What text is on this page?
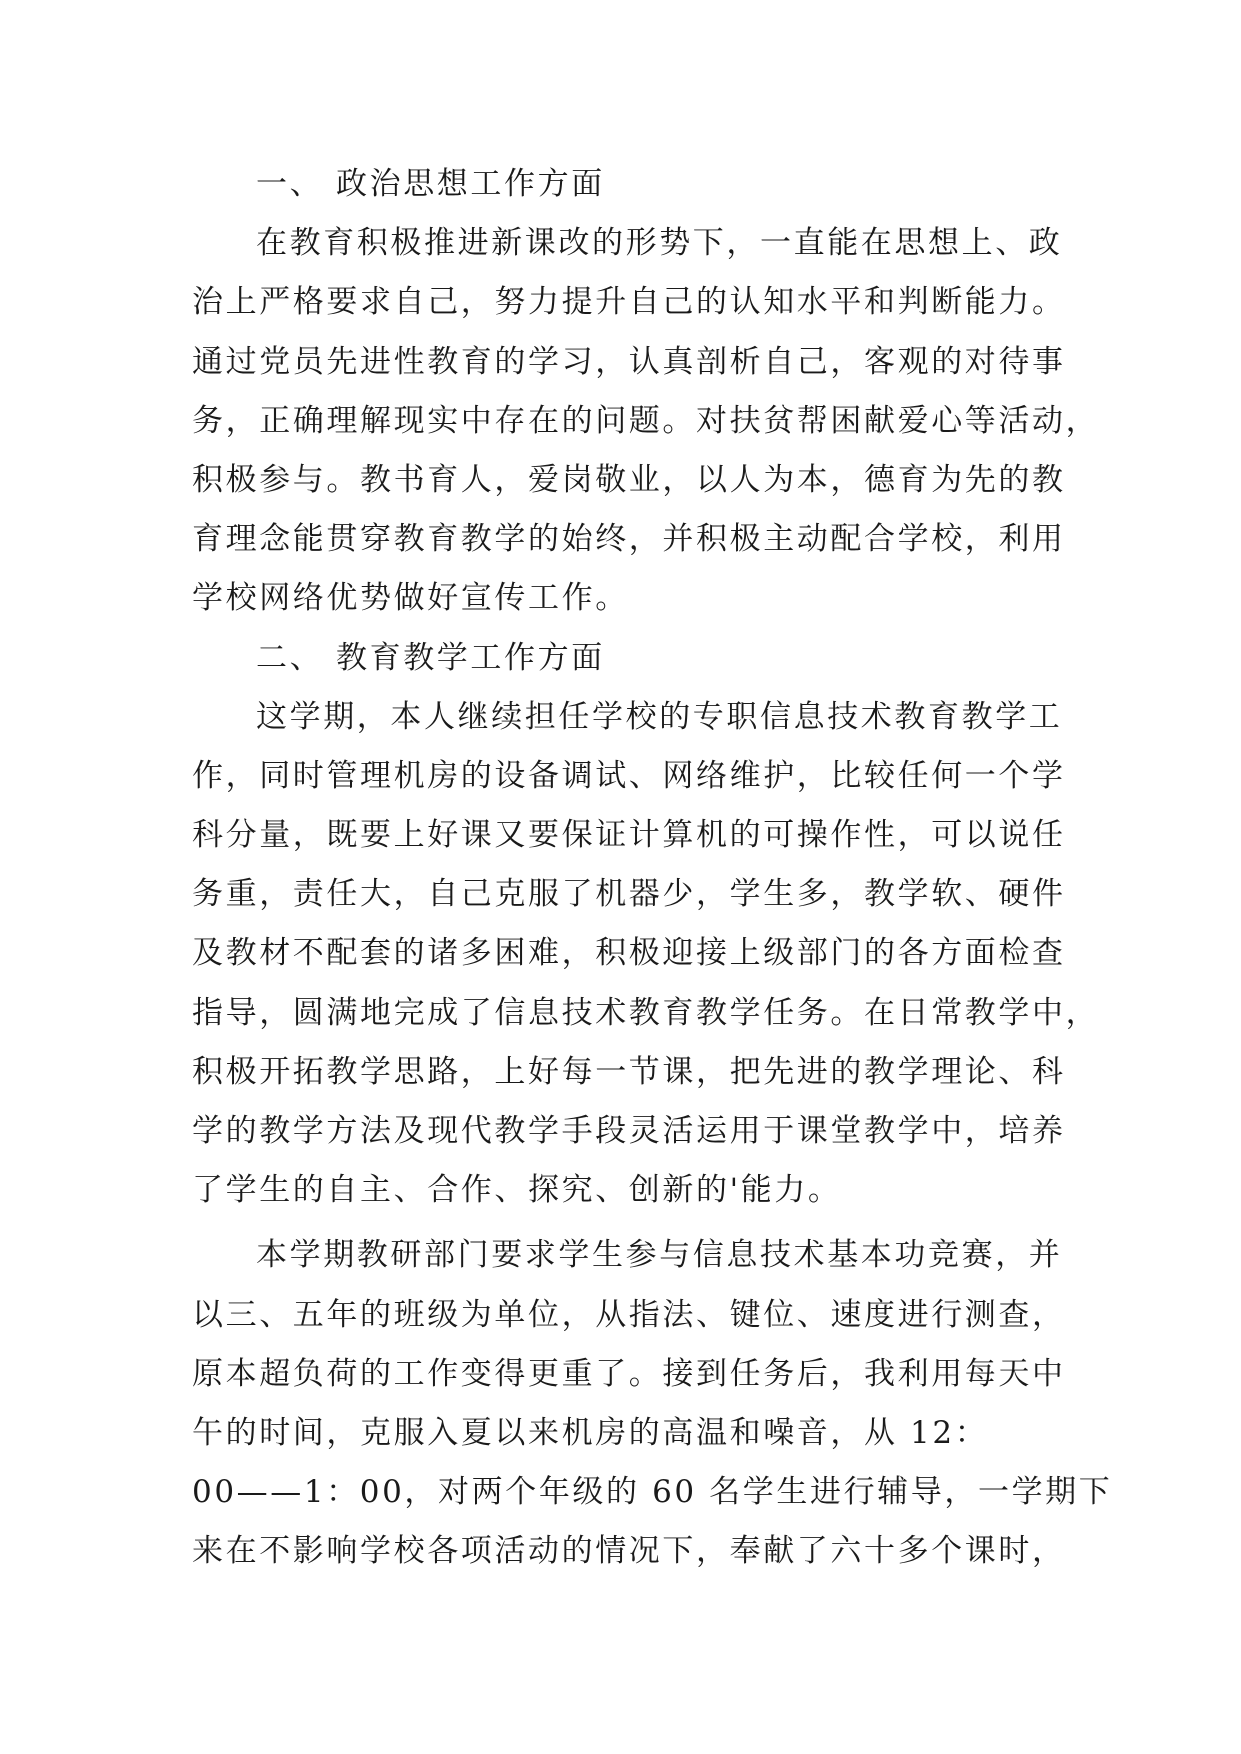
一、 政治思想工作方面
在教育积极推进新课改的形势下，一直能在思想上、政
治上严格要求自己，努力提升自己的认知水平和判断能力。
通过党员先进性教育的学习，认真剖析自己，客观的对待事
务，正确理解现实中存在的问题。对扶贫帮困献爱心等活动，
积极参与。教书育人，爱岗敬业，以人为本，德育为先的教
育理念能贯穿教育教学的始终，并积极主动配合学校，利用
学校网络优势做好宣传工作。
二、 教育教学工作方面
这学期，本人继续担任学校的专职信息技术教育教学工
作，同时管理机房的设备调试、网络维护，比较任何一个学
科分量，既要上好课又要保证计算机的可操作性，可以说任
务重，责任大，自己克服了机器少，学生多，教学软、硬件
及教材不配套的诸多困难，积极迎接上级部门的各方面检查
指导，圆满地完成了信息技术教育教学任务。在日常教学中，
积极开拓教学思路，上好每一节课，把先进的教学理论、科
学的教学方法及现代教学手段灵活运用于课堂教学中，培养
了学生的自主、合作、探究、创新的'能力。
本学期教研部门要求学生参与信息技术基本功竞赛，并
以三、五年的班级为单位，从指法、键位、速度进行测查，
原本超负荷的工作变得更重了。接到任务后，我利用每天中
午的时间，克服入夏以来机房的高温和噪音，从 12：
00——1：00，对两个年级的 60 名学生进行辅导，一学期下
来在不影响学校各项活动的情况下，奉献了六十多个课时，
